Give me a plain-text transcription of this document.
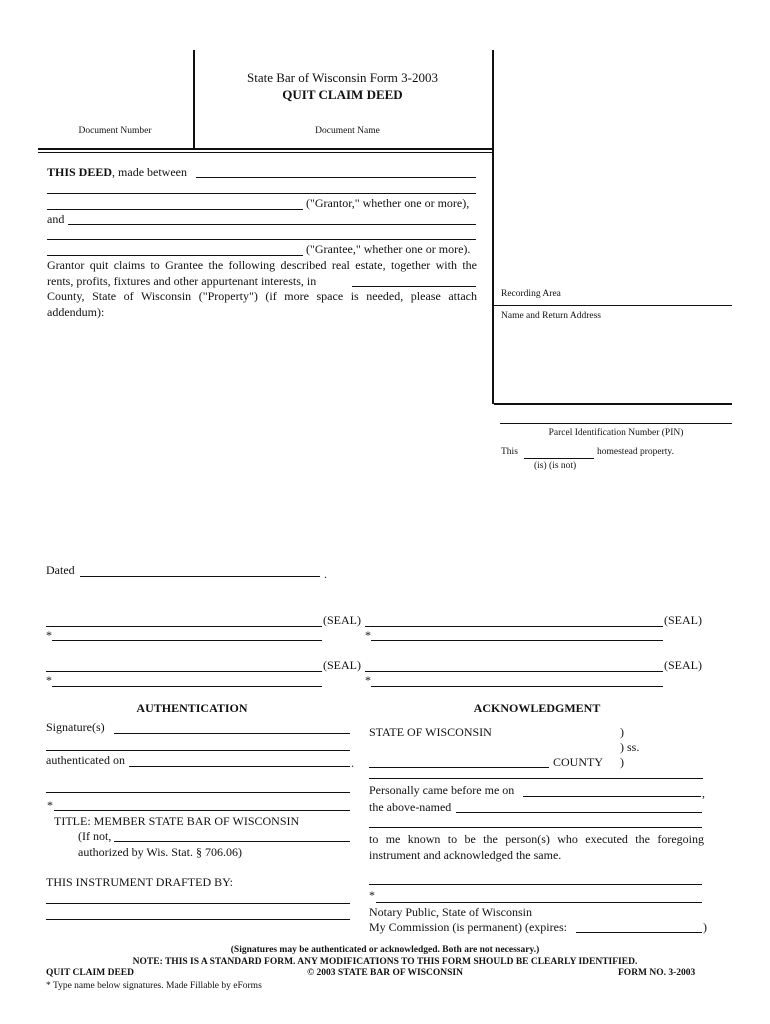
State Bar of Wisconsin Form 3-2003
QUIT CLAIM DEED
Document Number	Document Name
Recording Area
Name and Return Address
Parcel Identification Number (PIN)
This	homestead property.
(is) (is not)
THIS DEED, made between
("Grantor," whether one or more),
and
("Grantee," whether one or more).
Grantor quit claims to Grantee the following described real estate, together with the
rents, profits, fixtures and other appurtenant interests, in
County, State of Wisconsin ("Property") (if more space is needed, please attach
addendum):
Dated	.
(SEAL)	(SEAL)
*	*
(SEAL)	(SEAL)
*	*
AUTHENTICATION
Signature(s)
authenticated on	.
*
TITLE: MEMBER STATE BAR OF WISCONSIN
(If not,
authorized by Wis. Stat. § 706.06)
THIS INSTRUMENT DRAFTED BY:
ACKNOWLEDGMENT
STATE OF WISCONSIN	)
) ss.
COUNTY )
Personally came before me on	,
the above-named
to me known to be the person(s) who executed the foregoing
instrument and acknowledged the same.
*
Notary Public, State of Wisconsin
My Commission (is permanent) (expires:	)
(Signatures may be authenticated or acknowledged. Both are not necessary.)
NOTE: THIS IS A STANDARD FORM. ANY MODIFICATIONS TO THIS FORM SHOULD BE CLEARLY IDENTIFIED.
QUIT CLAIM DEED	© 2003 STATE BAR OF WISCONSIN	FORM NO. 3-2003
* Type name below signatures. Made Fillable by eForms
